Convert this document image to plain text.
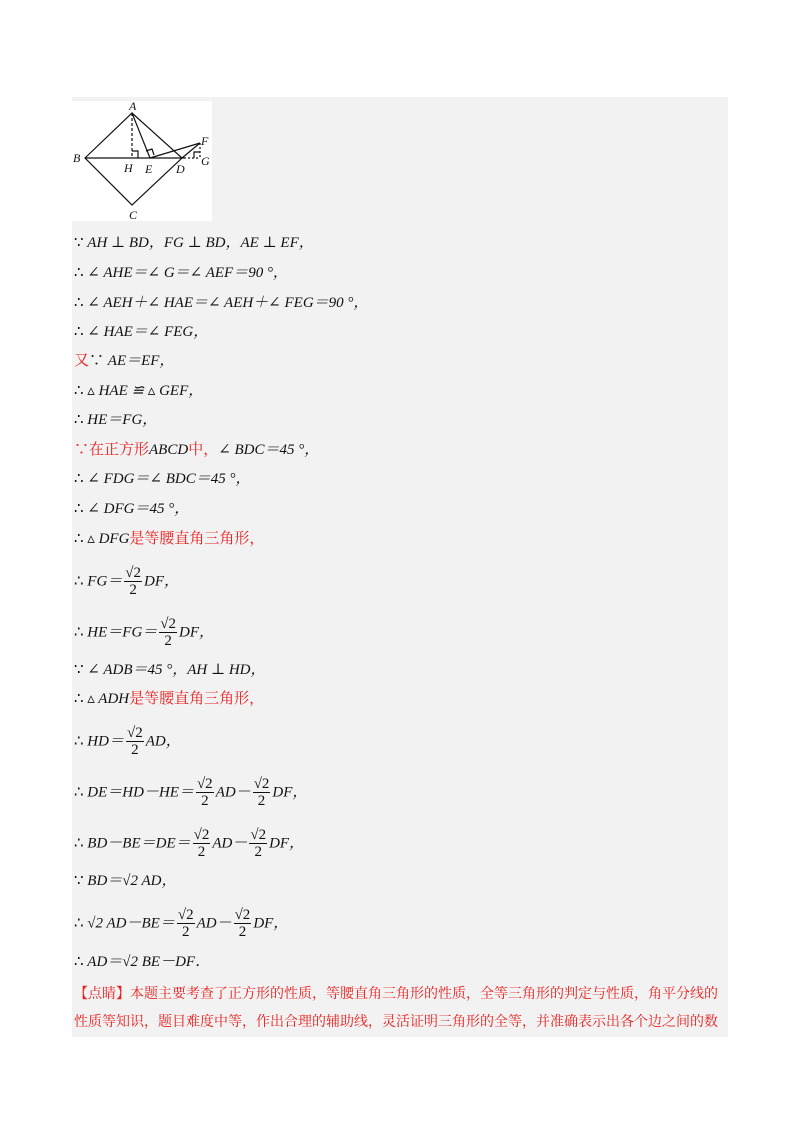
A
B
C
D
E
F
G
H
∵ AH ⊥ BD，FG ⊥ BD，AE ⊥ EF，
∴ ∠ AHE＝∠ G＝∠ AEF＝90 °，
∴ ∠ AEH＋∠ HAE＝∠ AEH＋∠ FEG＝90 °，
∴ ∠ HAE＝∠ FEG，
又∵ AE＝EF，
∴ ▵ HAE ≌ ▵ GEF，
∴ HE＝FG，
∵在正方形ABCD中，∠ BDC＝45 °，
∴ ∠ FDG＝∠ BDC＝45 °，
∴ ∠ DFG＝45 °，
∴ ▵ DFG是等腰直角三角形，
∴ $FG= \frac{√2}{2}$ DF，
∴ $HE=FG= \frac{√2}{2}$ DF，
∵ ∠ ADB＝45 °，AH ⊥ HD，
∴ ▵ ADH是等腰直角三角形，
∴ $HD= \frac{√2}{2}$ AD，
∴ $DE=HD-HE= \frac{√2}{2} AD- \frac{√2}{2}$ DF，
∴ $BD-BE=DE= \frac{√2}{2} AD- \frac{√2}{2}$ DF，
∵ BD＝√2 AD，
∴ √2 $AD-BE= \frac{√2}{2} AD- \frac{√2}{2}$ DF，
∴ AD＝√2 BE－DF．
【点睛】本题主要考查了正方形的性质，等腰直角三角形的性质，全等三角形的判定与性质，角平分线的性质等知识，题目难度中等，作出合理的辅助线，灵活证明三角形的全等，并准确表示出各个边之间的数
